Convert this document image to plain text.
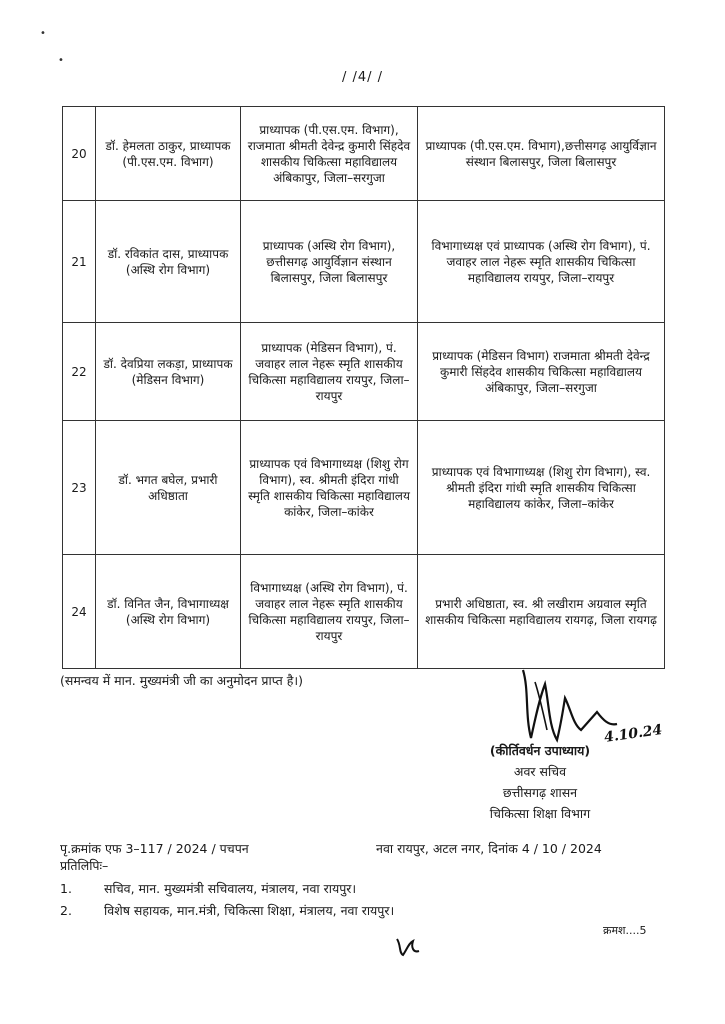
•
•
/ /4/ /
20	डॉ. हेमलता ठाकुर, प्राध्यापक (पी.एस.एम. विभाग)	प्राध्यापक (पी.एस.एम. विभाग), राजमाता श्रीमती देवेन्द्र कुमारी सिंहदेव शासकीय चिकित्सा महाविद्यालय अंबिकापुर, जिला–सरगुजा	प्राध्यापक (पी.एस.एम. विभाग),छत्तीसगढ़ आयुर्विज्ञान संस्थान बिलासपुर, जिला बिलासपुर
21	डॉ. रविकांत दास, प्राध्यापक (अस्थि रोग विभाग)	प्राध्यापक (अस्थि रोग विभाग), छत्तीसगढ़ आयुर्विज्ञान संस्थान बिलासपुर, जिला बिलासपुर	विभागाध्यक्ष एवं प्राध्यापक (अस्थि रोग विभाग), पं. जवाहर लाल नेहरू स्मृति शासकीय चिकित्सा महाविद्यालय रायपुर, जिला–रायपुर
22	डॉ. देवप्रिया लकड़ा, प्राध्यापक (मेडिसन विभाग)	प्राध्यापक (मेडिसन विभाग), पं. जवाहर लाल नेहरू स्मृति शासकीय चिकित्सा महाविद्यालय रायपुर, जिला–रायपुर	प्राध्यापक (मेडिसन विभाग) राजमाता श्रीमती देवेन्द्र कुमारी सिंहदेव शासकीय चिकित्सा महाविद्यालय अंबिकापुर, जिला–सरगुजा
23	डॉ. भगत बघेल, प्रभारी अधिष्ठाता	प्राध्यापक एवं विभागाध्यक्ष (शिशु रोग विभाग), स्व. श्रीमती इंदिरा गांधी स्मृति शासकीय चिकित्सा महाविद्यालय कांकेर, जिला–कांकेर	प्राध्यापक एवं विभागाध्यक्ष (शिशु रोग विभाग), स्व. श्रीमती इंदिरा गांधी स्मृति शासकीय चिकित्सा महाविद्यालय कांकेर, जिला–कांकेर
24	डॉ. विनित जैन, विभागाध्यक्ष (अस्थि रोग विभाग)	विभागाध्यक्ष (अस्थि रोग विभाग), पं. जवाहर लाल नेहरू स्मृति शासकीय चिकित्सा महाविद्यालय रायपुर, जिला–रायपुर	प्रभारी अधिष्ठाता, स्व. श्री लखीराम अग्रवाल स्मृति शासकीय चिकित्सा महाविद्यालय रायगढ़, जिला रायगढ़
(समन्वय में मान. मुख्यमंत्री जी का अनुमोदन प्राप्त है।)
4.10.24
(कीर्तिवर्धन उपाध्याय)
अवर सचिव
छत्तीसगढ़ शासन
चिकित्सा शिक्षा विभाग
पृ.क्रमांक एफ 3–117 / 2024 / पचपन	नवा रायपुर, अटल नगर, दिनांक 4 / 10 / 2024
प्रतिलिपिः–
1.	सचिव, मान. मुख्यमंत्री सचिवालय, मंत्रालय, नवा रायपुर।
2.	विशेष सहायक, मान.मंत्री, चिकित्सा शिक्षा, मंत्रालय, नवा रायपुर।
क्रमश....5
